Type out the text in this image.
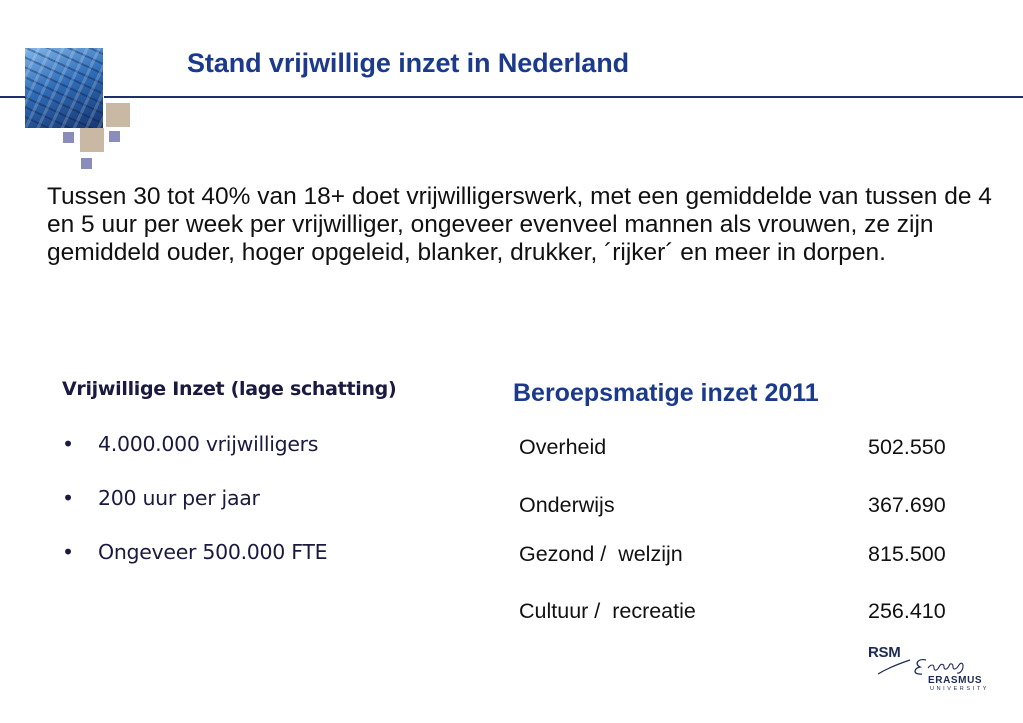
Stand vrijwillige inzet in Nederland
Tussen 30 tot 40% van 18+ doet vrijwilligerswerk, met een gemiddelde van tussen de 4 en 5 uur per week per vrijwilliger, ongeveer evenveel mannen als vrouwen, ze zijn gemiddeld ouder, hoger opgeleid, blanker, drukker, ´rijker´ en meer in dorpen.
Vrijwillige Inzet (lage schatting)
• 4.000.000 vrijwilligers
• 200 uur per jaar
• Ongeveer 500.000 FTE
Beroepsmatige inzet 2011
Overheid	502.550
Onderwijs	367.690
Gezond /  welzijn	815.500
Cultuur /  recreatie	256.410
RSM
ERASMUS
UNIVERSITY
